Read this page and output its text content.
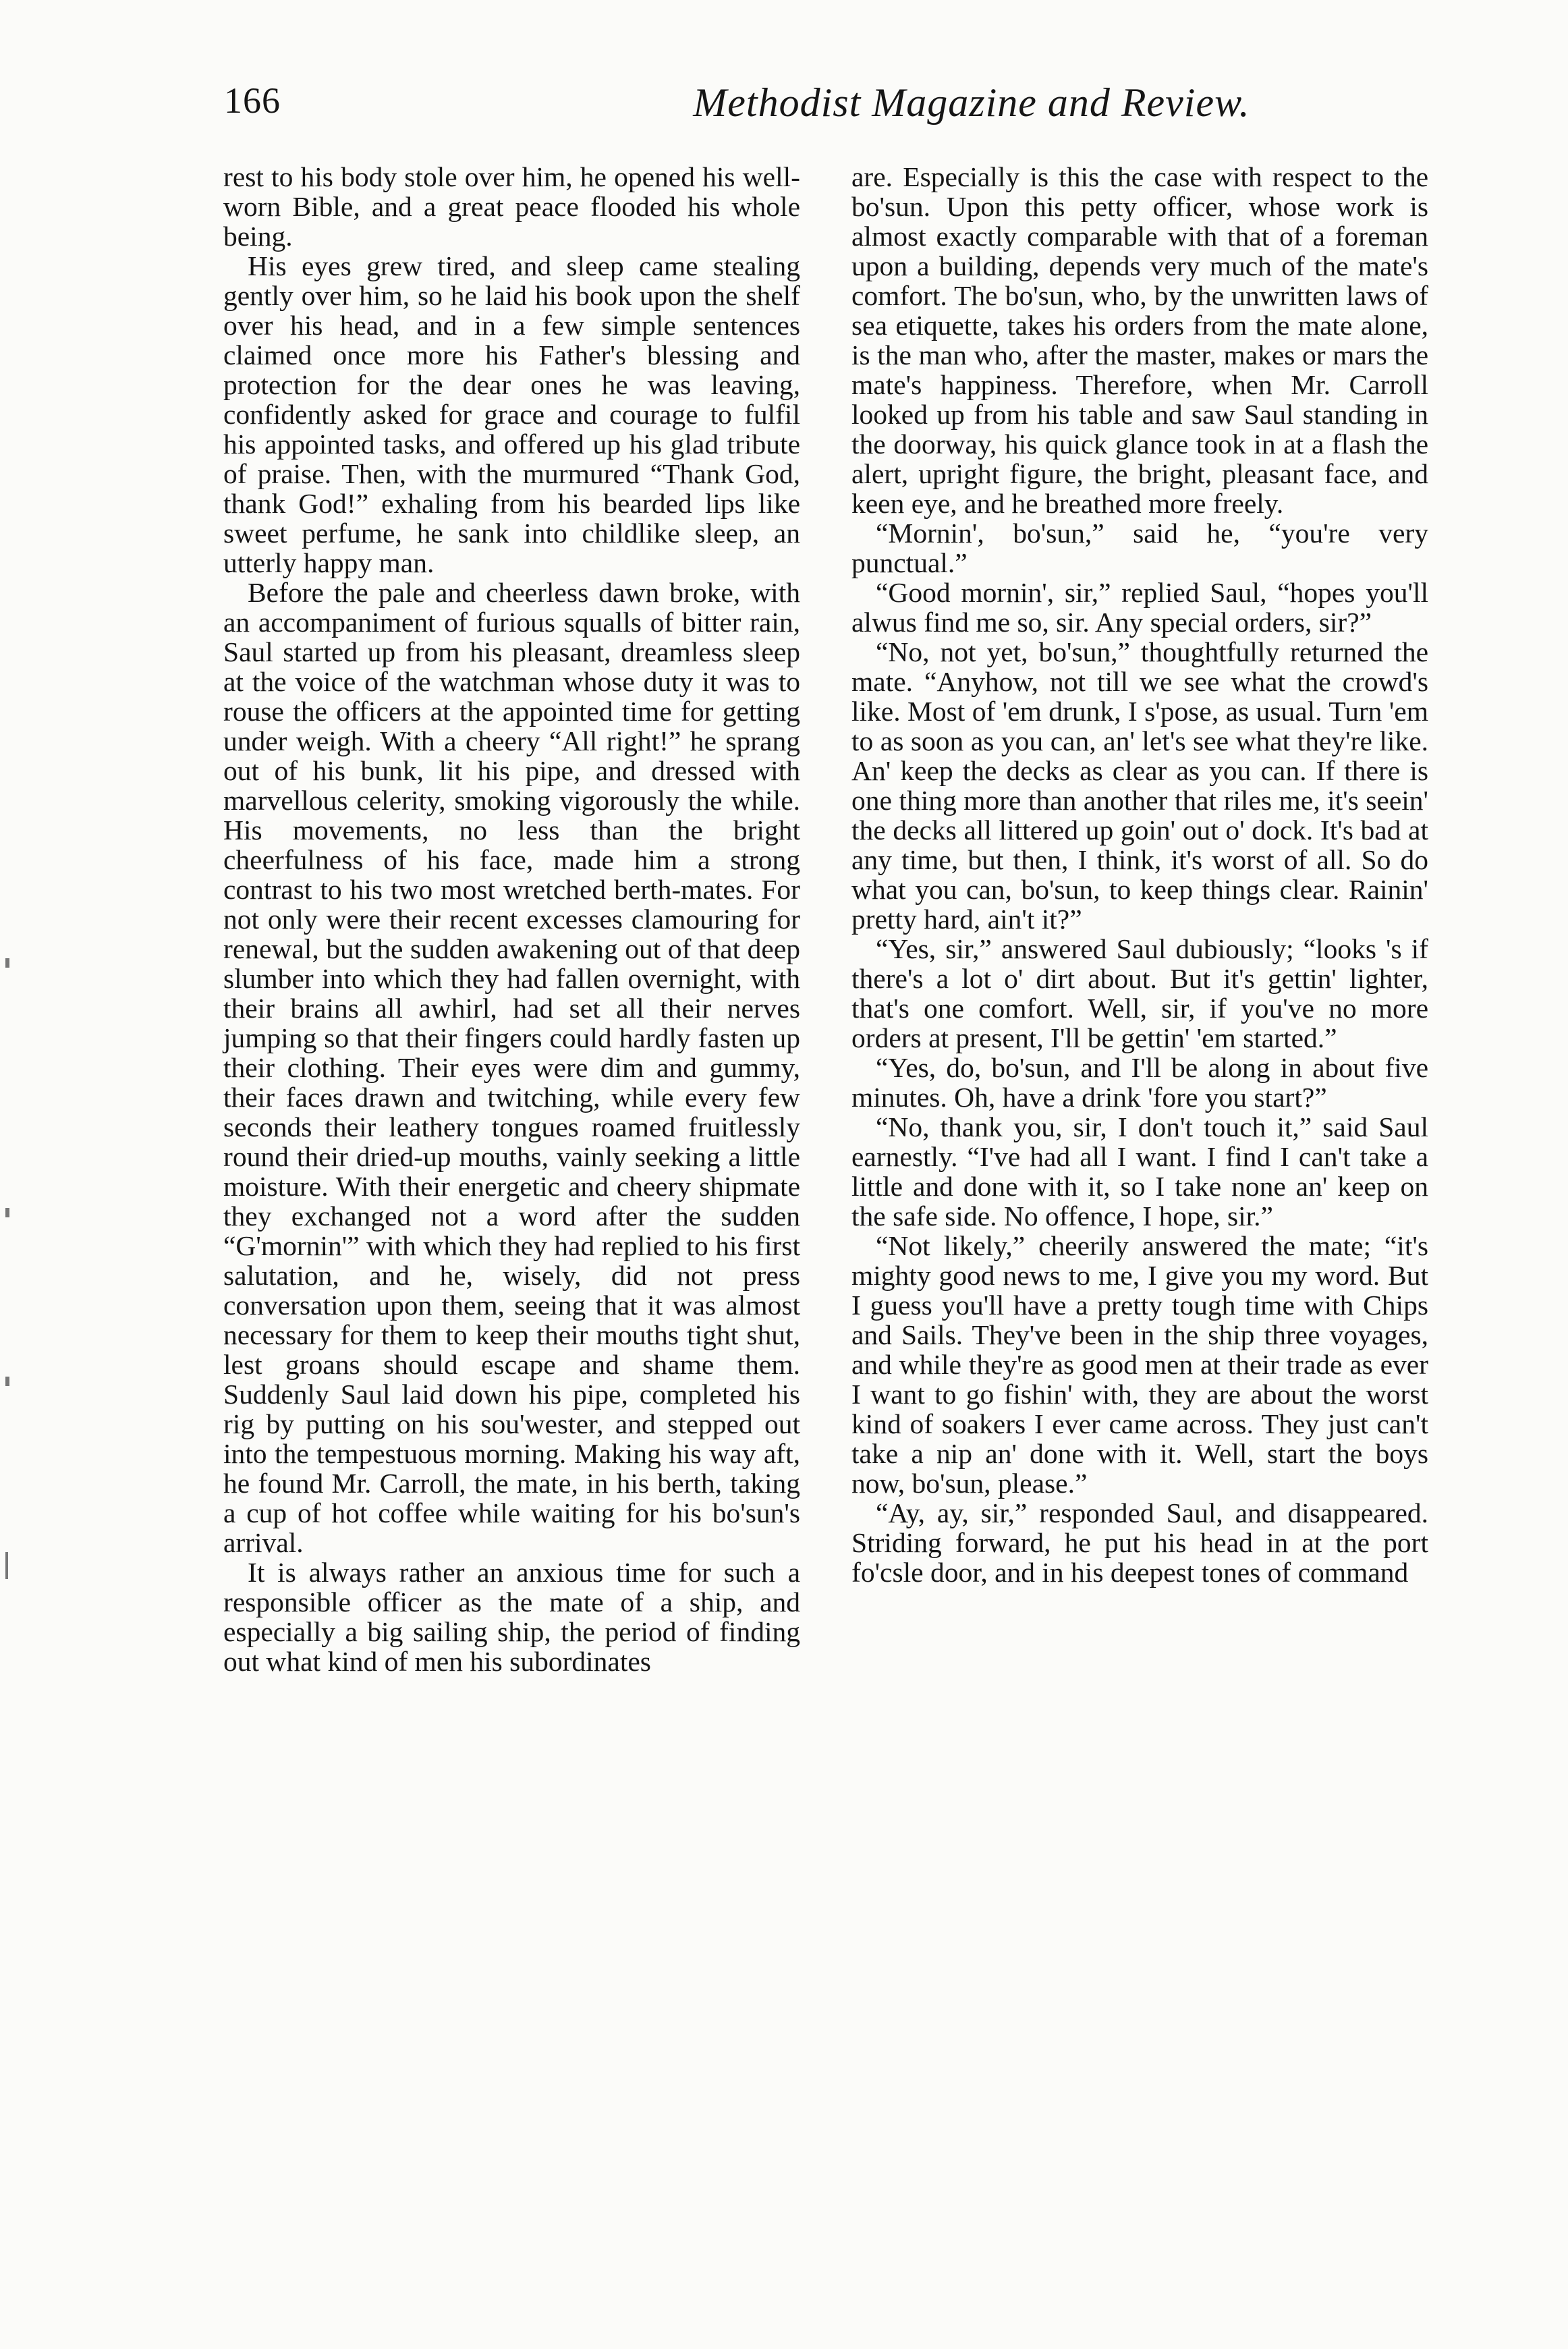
166	Methodist Magazine and Review.

rest to his body stole over him, he opened his well-worn Bible, and a great peace flooded his whole being.

His eyes grew tired, and sleep came stealing gently over him, so he laid his book upon the shelf over his head, and in a few simple sentences claimed once more his Father's blessing and protection for the dear ones he was leaving, confidently asked for grace and courage to fulfil his appointed tasks, and offered up his glad tribute of praise. Then, with the murmured “Thank God, thank God!” exhaling from his bearded lips like sweet perfume, he sank into childlike sleep, an utterly happy man.

Before the pale and cheerless dawn broke, with an accompaniment of furious squalls of bitter rain, Saul started up from his pleasant, dreamless sleep at the voice of the watchman whose duty it was to rouse the officers at the appointed time for getting under weigh. With a cheery “All right!” he sprang out of his bunk, lit his pipe, and dressed with marvellous celerity, smoking vigorously the while. His movements, no less than the bright cheerfulness of his face, made him a strong contrast to his two most wretched berth-mates. For not only were their recent excesses clamouring for renewal, but the sudden awakening out of that deep slumber into which they had fallen overnight, with their brains all awhirl, had set all their nerves jumping so that their fingers could hardly fasten up their clothing. Their eyes were dim and gummy, their faces drawn and twitching, while every few seconds their leathery tongues roamed fruitlessly round their dried-up mouths, vainly seeking a little moisture. With their energetic and cheery shipmate they exchanged not a word after the sudden “G'mornin'” with which they had replied to his first salutation, and he, wisely, did not press conversation upon them, seeing that it was almost necessary for them to keep their mouths tight shut, lest groans should escape and shame them. Suddenly Saul laid down his pipe, completed his rig by putting on his sou'wester, and stepped out into the tempestuous morning. Making his way aft, he found Mr. Carroll, the mate, in his berth, taking a cup of hot coffee while waiting for his bo'sun's arrival.

It is always rather an anxious time for such a responsible officer as the mate of a ship, and especially a big sailing ship, the period of finding out what kind of men his subordinates

are. Especially is this the case with respect to the bo'sun. Upon this petty officer, whose work is almost exactly comparable with that of a foreman upon a building, depends very much of the mate's comfort. The bo'sun, who, by the unwritten laws of sea etiquette, takes his orders from the mate alone, is the man who, after the master, makes or mars the mate's happiness. Therefore, when Mr. Carroll looked up from his table and saw Saul standing in the doorway, his quick glance took in at a flash the alert, upright figure, the bright, pleasant face, and keen eye, and he breathed more freely.

“Mornin', bo'sun,” said he, “you're very punctual.”

“Good mornin', sir,” replied Saul, “hopes you'll alwus find me so, sir. Any special orders, sir?”

“No, not yet, bo'sun,” thoughtfully returned the mate. “Anyhow, not till we see what the crowd's like. Most of 'em drunk, I s'pose, as usual. Turn 'em to as soon as you can, an' let's see what they're like. An' keep the decks as clear as you can. If there is one thing more than another that riles me, it's seein' the decks all littered up goin' out o' dock. It's bad at any time, but then, I think, it's worst of all. So do what you can, bo'sun, to keep things clear. Rainin' pretty hard, ain't it?”

“Yes, sir,” answered Saul dubiously; “looks 's if there's a lot o' dirt about. But it's gettin' lighter, that's one comfort. Well, sir, if you've no more orders at present, I'll be gettin' 'em started.”

“Yes, do, bo'sun, and I'll be along in about five minutes. Oh, have a drink 'fore you start?”

“No, thank you, sir, I don't touch it,” said Saul earnestly. “I've had all I want. I find I can't take a little and done with it, so I take none an' keep on the safe side. No offence, I hope, sir.”

“Not likely,” cheerily answered the mate; “it's mighty good news to me, I give you my word. But I guess you'll have a pretty tough time with Chips and Sails. They've been in the ship three voyages, and while they're as good men at their trade as ever I want to go fishin' with, they are about the worst kind of soakers I ever came across. They just can't take a nip an' done with it. Well, start the boys now, bo'sun, please.”

“Ay, ay, sir,” responded Saul, and disappeared. Striding forward, he put his head in at the port fo'csle door, and in his deepest tones of command
